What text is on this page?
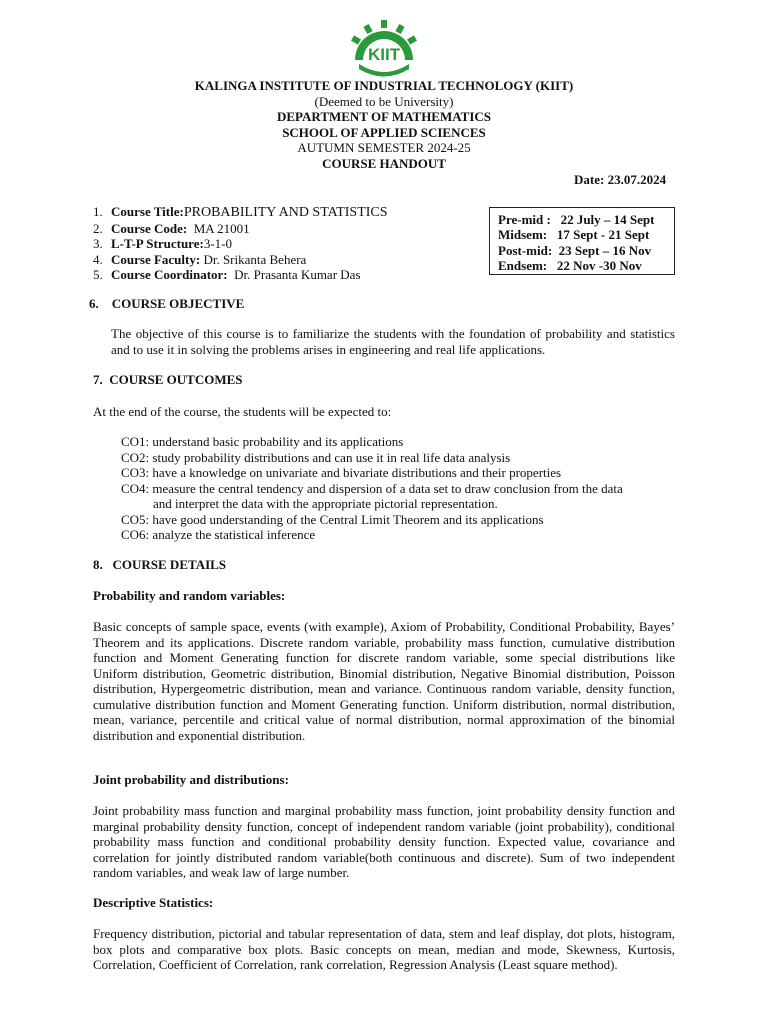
KIIT
KALINGA INSTITUTE OF INDUSTRIAL TECHNOLOGY (KIIT)
(Deemed to be University)
DEPARTMENT OF MATHEMATICS
SCHOOL OF APPLIED SCIENCES
AUTUMN SEMESTER 2024-25
COURSE HANDOUT
Date: 23.07.2024
1. Course Title:PROBABILITY AND STATISTICS
2. Course Code:  MA 21001
3. L-T-P Structure:3-1-0
4. Course Faculty: Dr. Srikanta Behera
5. Course Coordinator:  Dr. Prasanta Kumar Das
Pre-mid : 22 July – 14 Sept
Midsem: 17 Sept - 21 Sept
Post-mid: 23 Sept – 16 Nov
Endsem: 22 Nov -30 Nov
6.    COURSE OBJECTIVE
The objective of this course is to familiarize the students with the foundation of probability and statistics and to use it in solving the problems arises in engineering and real life applications.
7.  COURSE OUTCOMES
At the end of the course, the students will be expected to:
CO1: understand basic probability and its applications
CO2: study probability distributions and can use it in real life data analysis
CO3: have a knowledge on univariate and bivariate distributions and their properties
CO4: measure the central tendency and dispersion of a data set to draw conclusion from the data
and interpret the data with the appropriate pictorial representation.
CO5: have good understanding of the Central Limit Theorem and its applications
CO6: analyze the statistical inference
8.   COURSE DETAILS
Probability and random variables:
Basic concepts of sample space, events (with example), Axiom of Probability, Conditional Probability, Bayes’ Theorem and its applications. Discrete random variable, probability mass function, cumulative distribution function and Moment Generating function for discrete random variable, some special distributions like Uniform distribution, Geometric distribution, Binomial distribution, Negative Binomial distribution, Poisson distribution, Hypergeometric distribution, mean and variance. Continuous random variable, density function, cumulative distribution function and Moment Generating function. Uniform distribution, normal distribution, mean, variance, percentile and critical value of normal distribution, normal approximation of the binomial distribution and exponential distribution.
Joint probability and distributions:
Joint probability mass function and marginal probability mass function, joint probability density function and marginal probability density function, concept of independent random variable (joint probability), conditional probability mass function and conditional probability density function. Expected value, covariance and correlation for jointly distributed random variable(both continuous and discrete). Sum of two independent random variables, and weak law of large number.
Descriptive Statistics:
Frequency distribution, pictorial and tabular representation of data, stem and leaf display, dot plots, histogram, box plots and comparative box plots. Basic concepts on mean, median and mode, Skewness, Kurtosis, Correlation, Coefficient of Correlation, rank correlation, Regression Analysis (Least square method).
